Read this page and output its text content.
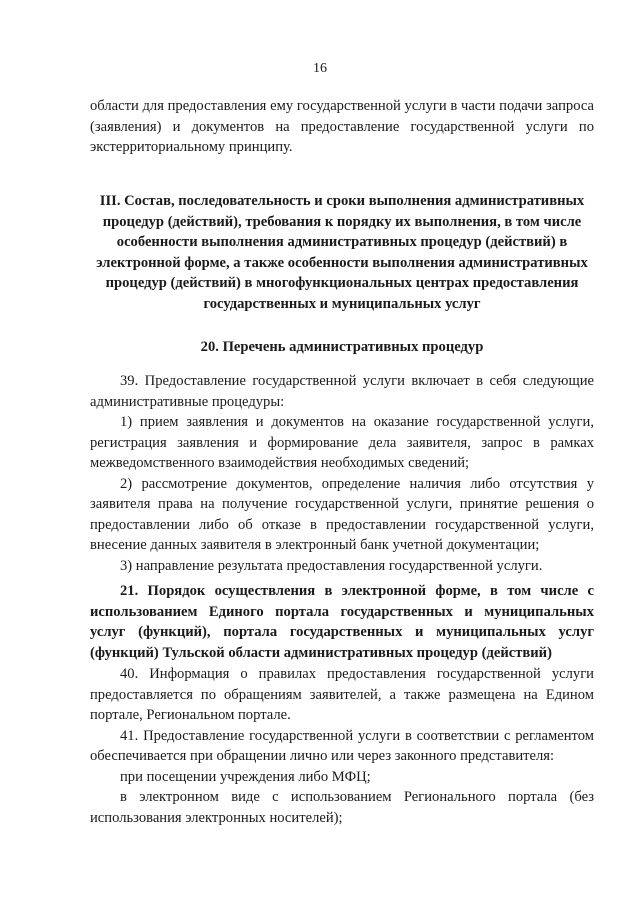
16

области для предоставления ему государственной услуги в части подачи запроса (заявления) и документов на предоставление государственной услуги по экстерриториальному принципу.

III. Состав, последовательность и сроки выполнения административных процедур (действий), требования к порядку их выполнения, в том числе особенности выполнения административных процедур (действий) в электронной форме, а также особенности выполнения административных процедур (действий) в многофункциональных центрах предоставления государственных и муниципальных услуг
20. Перечень административных процедур

39. Предоставление государственной услуги включает в себя следующие административные процедуры:

1) прием заявления и документов на оказание государственной услуги, регистрация заявления и формирование дела заявителя, запрос в рамках межведомственного взаимодействия необходимых сведений;

2) рассмотрение документов, определение наличия либо отсутствия у заявителя права на получение государственной услуги, принятие решения о предоставлении либо об отказе в предоставлении государственной услуги, внесение данных заявителя в электронный банк учетной документации;

3) направление результата предоставления государственной услуги.

21. Порядок осуществления в электронной форме, в том числе с использованием Единого портала государственных и муниципальных услуг (функций), портала государственных и муниципальных услуг (функций) Тульской области административных процедур (действий)

40. Информация о правилах предоставления государственной услуги предоставляется по обращениям заявителей, а также размещена на Едином портале, Региональном портале.

41. Предоставление государственной услуги в соответствии с регламентом обеспечивается при обращении лично или через законного представителя:

при посещении учреждения либо МФЦ;

в электронном виде с использованием Регионального портала (без использования электронных носителей);
